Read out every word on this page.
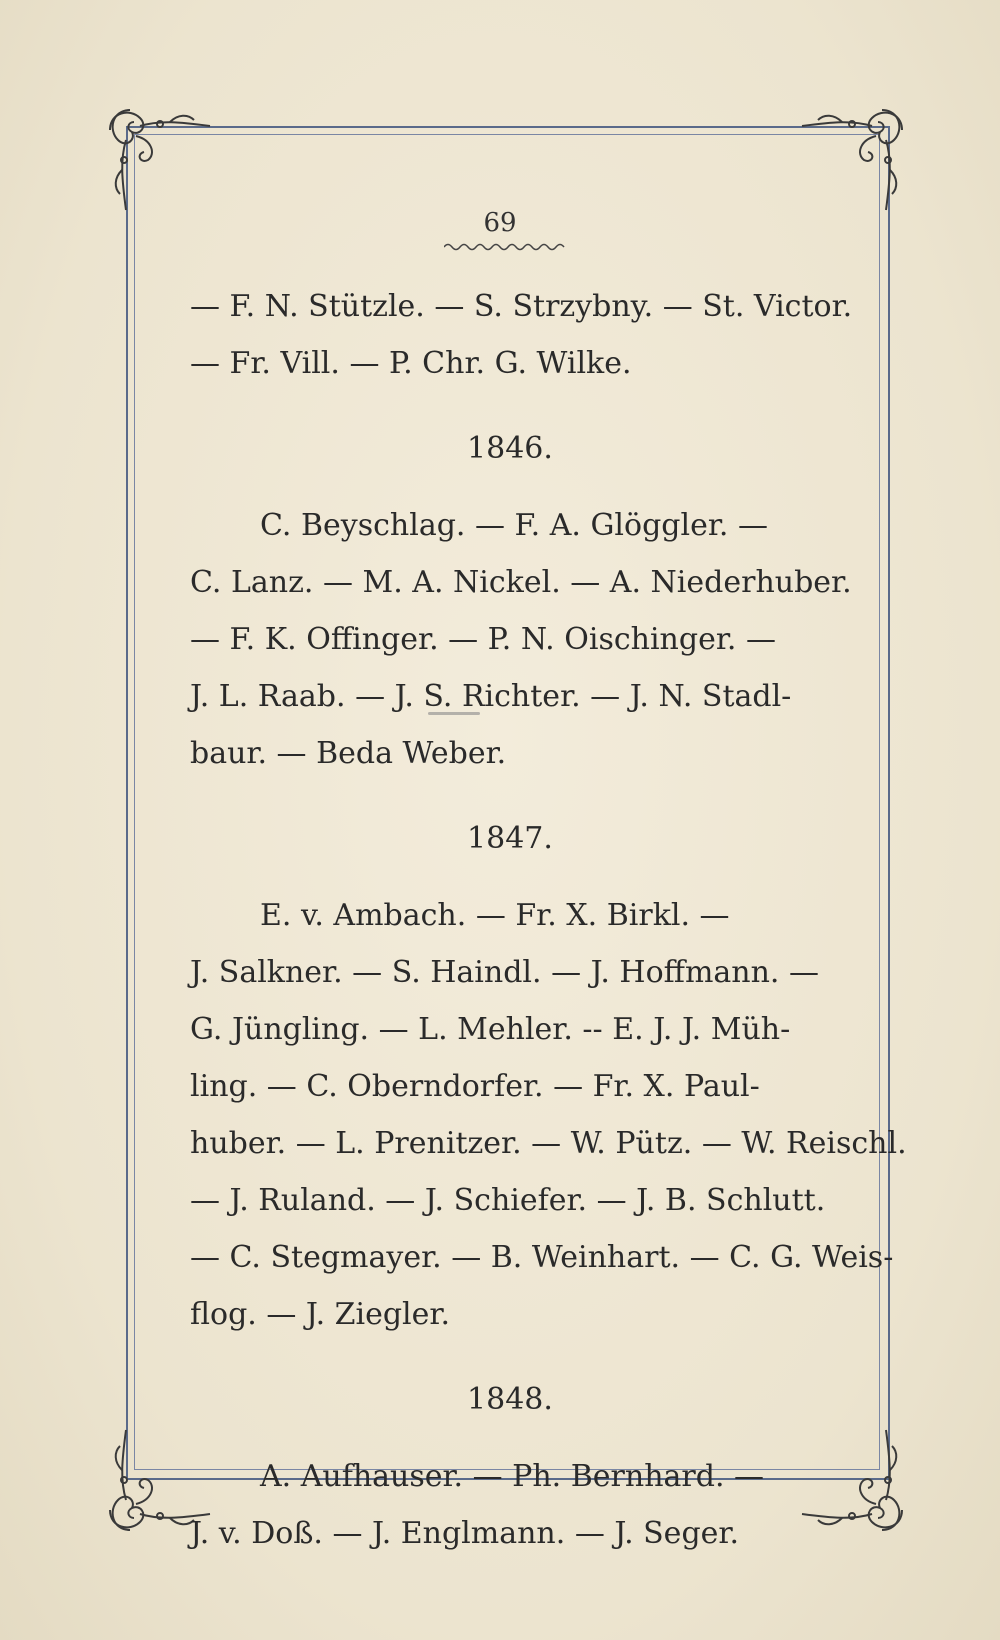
69
— F. N. Stützle. — S. Strzybny. — St. Victor.
— Fr. Vill. — P. Chr. G. Wilke.
1846.
C. Beyschlag. — F. A. Glöggler. —
C. Lanz. — M. A. Nickel. — A. Niederhuber.
— F. K. Offinger. — P. N. Oischinger. —
J. L. Raab. — J. S. Richter. — J. N. Stadl-
baur. — Beda Weber.
1847.
E. v. Ambach. — Fr. X. Birkl. —
J. Salkner. — S. Haindl. — J. Hoffmann. —
G. Jüngling. — L. Mehler. -- E. J. J. Müh-
ling. — C. Oberndorfer. — Fr. X. Paul-
huber. — L. Prenitzer. — W. Pütz. — W. Reischl.
— J. Ruland. — J. Schiefer. — J. B. Schlutt.
— C. Stegmayer. — B. Weinhart. — C. G. Weis-
flog. — J. Ziegler.
1848.
A. Aufhauser. — Ph. Bernhard. —
J. v. Doß. — J. Englmann. — J. Seger.
